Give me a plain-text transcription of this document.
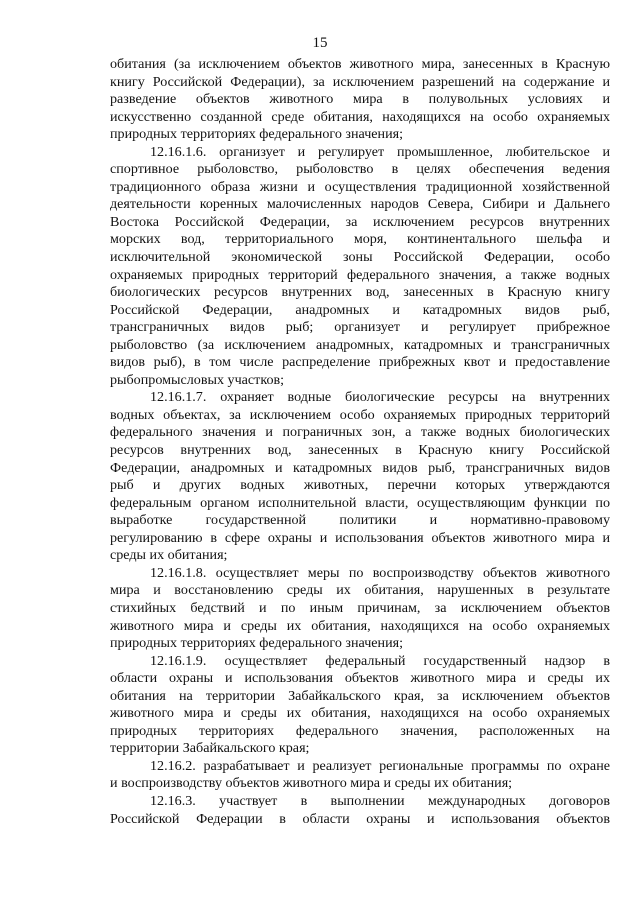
15
обитания (за исключением объектов животного мира, занесенных в Красную
книгу Российской Федерации), за исключением разрешений на содержание и
разведение объектов животного мира в полувольных условиях и
искусственно созданной среде обитания, находящихся на особо охраняемых
природных территориях федерального значения;
12.16.1.6. организует и регулирует промышленное, любительское и
спортивное рыболовство, рыболовство в целях обеспечения ведения
традиционного образа жизни и осуществления традиционной хозяйственной
деятельности коренных малочисленных народов Севера, Сибири и Дальнего
Востока Российской Федерации, за исключением ресурсов внутренних
морских вод, территориального моря, континентального шельфа и
исключительной экономической зоны Российской Федерации, особо
охраняемых природных территорий федерального значения, а также водных
биологических ресурсов внутренних вод, занесенных в Красную книгу
Российской Федерации, анадромных и катадромных видов рыб,
трансграничных видов рыб; организует и регулирует прибрежное
рыболовство (за исключением анадромных, катадромных и трансграничных
видов рыб), в том числе распределение прибрежных квот и предоставление
рыбопромысловых участков;
12.16.1.7. охраняет водные биологические ресурсы на внутренних
водных объектах, за исключением особо охраняемых природных территорий
федерального значения и пограничных зон, а также водных биологических
ресурсов внутренних вод, занесенных в Красную книгу Российской
Федерации, анадромных и катадромных видов рыб, трансграничных видов
рыб и других водных животных, перечни которых утверждаются
федеральным органом исполнительной власти, осуществляющим функции по
выработке государственной политики и нормативно-правовому
регулированию в сфере охраны и использования объектов животного мира и
среды их обитания;
12.16.1.8. осуществляет меры по воспроизводству объектов животного
мира и восстановлению среды их обитания, нарушенных в результате
стихийных бедствий и по иным причинам, за исключением объектов
животного мира и среды их обитания, находящихся на особо охраняемых
природных территориях федерального значения;
12.16.1.9. осуществляет федеральный государственный надзор в
области охраны и использования объектов животного мира и среды их
обитания на территории Забайкальского края, за исключением объектов
животного мира и среды их обитания, находящихся на особо охраняемых
природных территориях федерального значения, расположенных на
территории Забайкальского края;
12.16.2. разрабатывает и реализует региональные программы по охране
и воспроизводству объектов животного мира и среды их обитания;
12.16.3. участвует в выполнении международных договоров
Российской Федерации в области охраны и использования объектов
